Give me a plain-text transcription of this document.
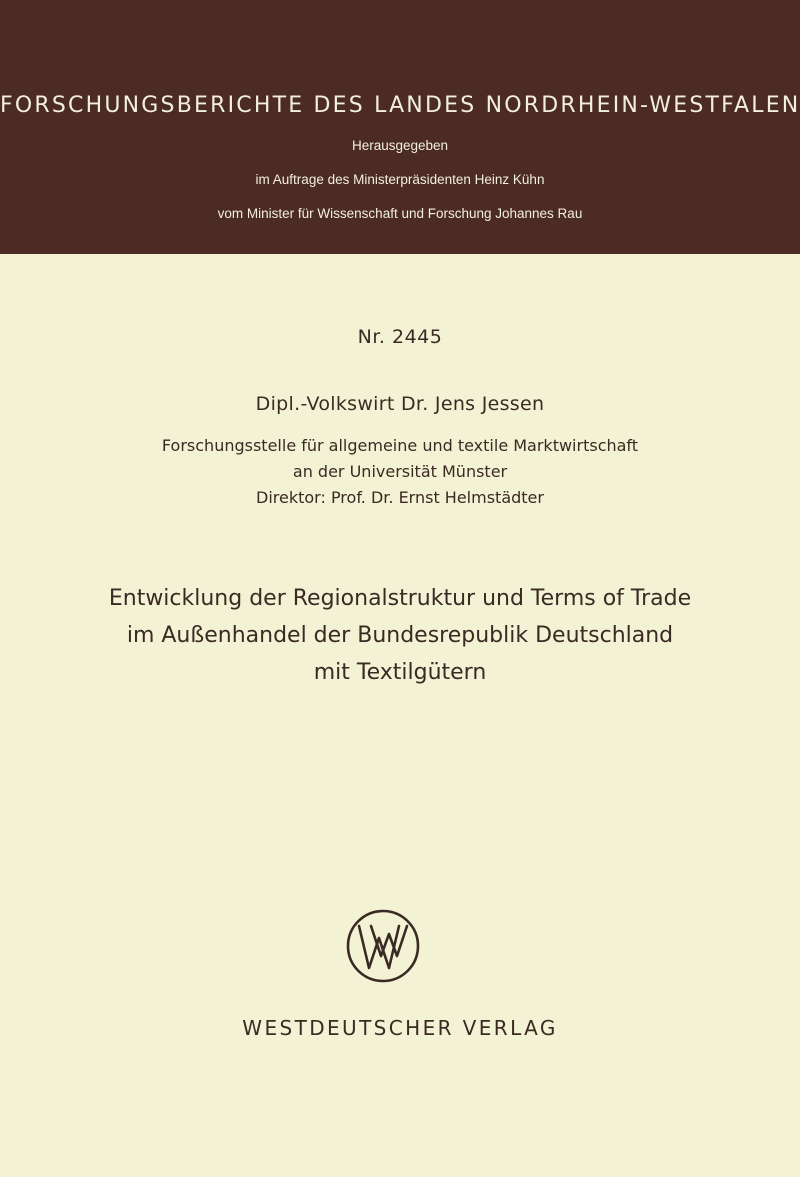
FORSCHUNGSBERICHTE DES LANDES NORDRHEIN-WESTFALEN
Herausgegeben
im Auftrage des Ministerpräsidenten Heinz Kühn
vom Minister für Wissenschaft und Forschung Johannes Rau
Nr. 2445
Dipl.-Volkswirt Dr. Jens Jessen
Forschungsstelle für allgemeine und textile Marktwirtschaft
an der Universität Münster
Direktor: Prof. Dr. Ernst Helmstädter
Entwicklung der Regionalstruktur und Terms of Trade
im Außenhandel der Bundesrepublik Deutschland
mit Textilgütern
WESTDEUTSCHER VERLAG
